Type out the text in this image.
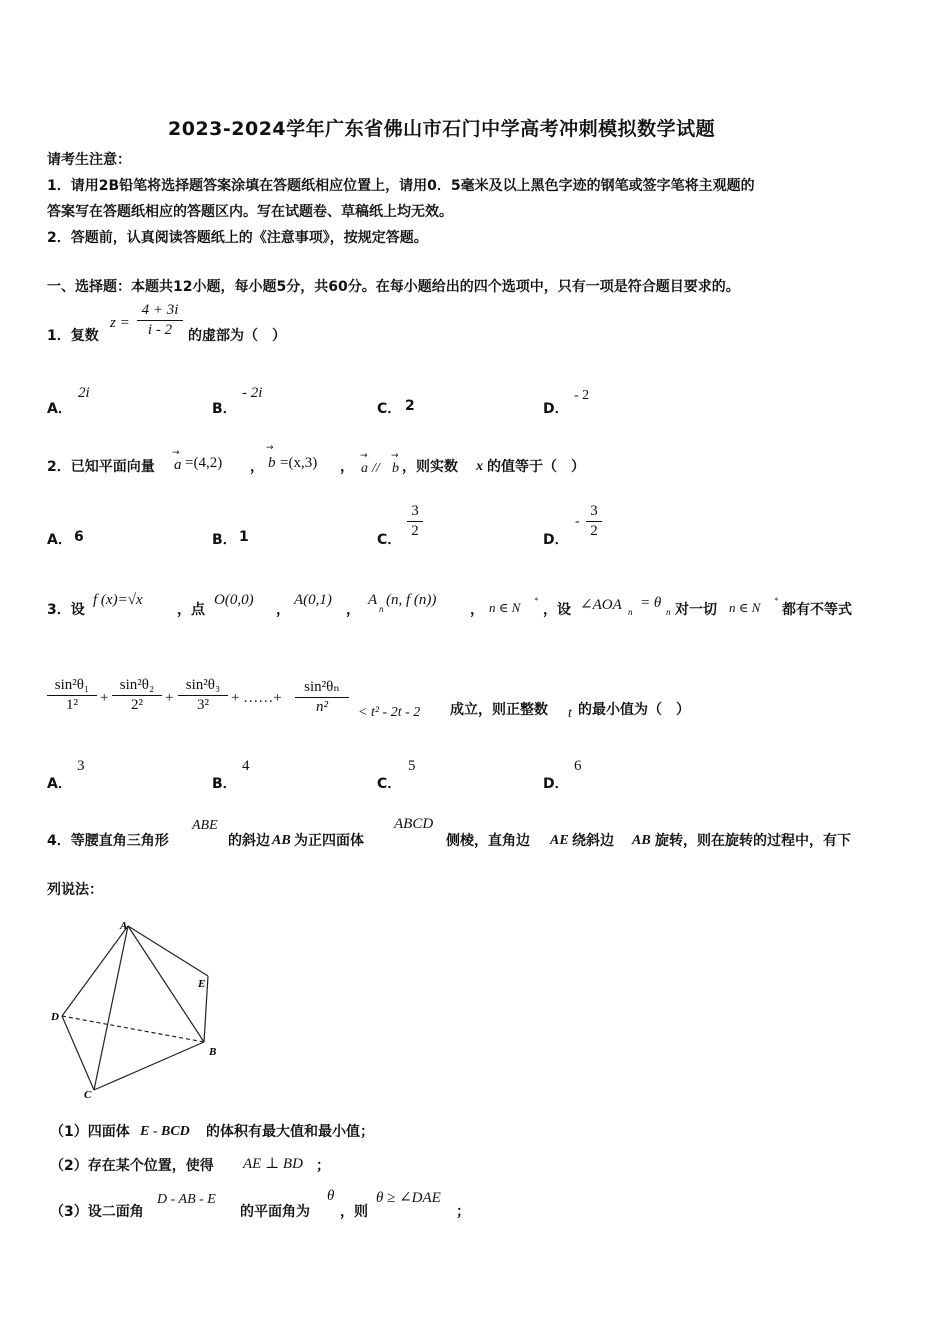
2023-2024学年广东省佛山市石门中学高考冲刺模拟数学试题
请考生注意：
1．请用2B铅笔将选择题答案涂填在答题纸相应位置上，请用0．5毫米及以上黑色字迹的钢笔或签字笔将主观题的
答案写在答题纸相应的答题区内。写在试题卷、草稿纸上均无效。
2．答题前，认真阅读答题纸上的《注意事项》，按规定答题。
一、选择题：本题共12小题，每小题5分，共60分。在每小题给出的四个选项中，只有一项是符合题目要求的。
1．复数
z =
4 + 3i
i - 2	的虚部为（　）
A．
2i
B．
- 2i
C． 2	D．
- 2
2．已知平面向量
→
a =(4,2) ，
→
b =(x,3) ，
→
a //
→
b ，则实数 x 的值等于（　）
A． 6	B． 1	C．
3
2
D．
-
3
2
3．设
f (x)=√x
，点
O(0,0)
，
A(0,1)
，
A
n
(n, f (n))
， n ∈ N *
，设 ∠AOA n
= θ
n 对一切 n ∈ N *
都有不等式
sin²θ₁
1²	+
sin²θ₂
2²	+
sin²θ₃
3²	+ ……+
sin²θₙ
n²	< t² - 2t - 2 成立，则正整数 t 的最小值为（　）
A．
3
B．
4
C．
5
D．
6
4．等腰直角三角形
ABE
的斜边 AB 为正四面体
ABCD
侧棱，直角边 AE 绕斜边 AB 旋转，则在旋转的过程中，有下
列说法：
A
B
C
D
E
（1）四面体 E - BCD 的体积有最大值和最小值；
（2）存在某个位置，使得 AE ⊥ BD ；
（3）设二面角
D - AB - E
的平面角为
θ
，则
θ ≥ ∠DAE
；
